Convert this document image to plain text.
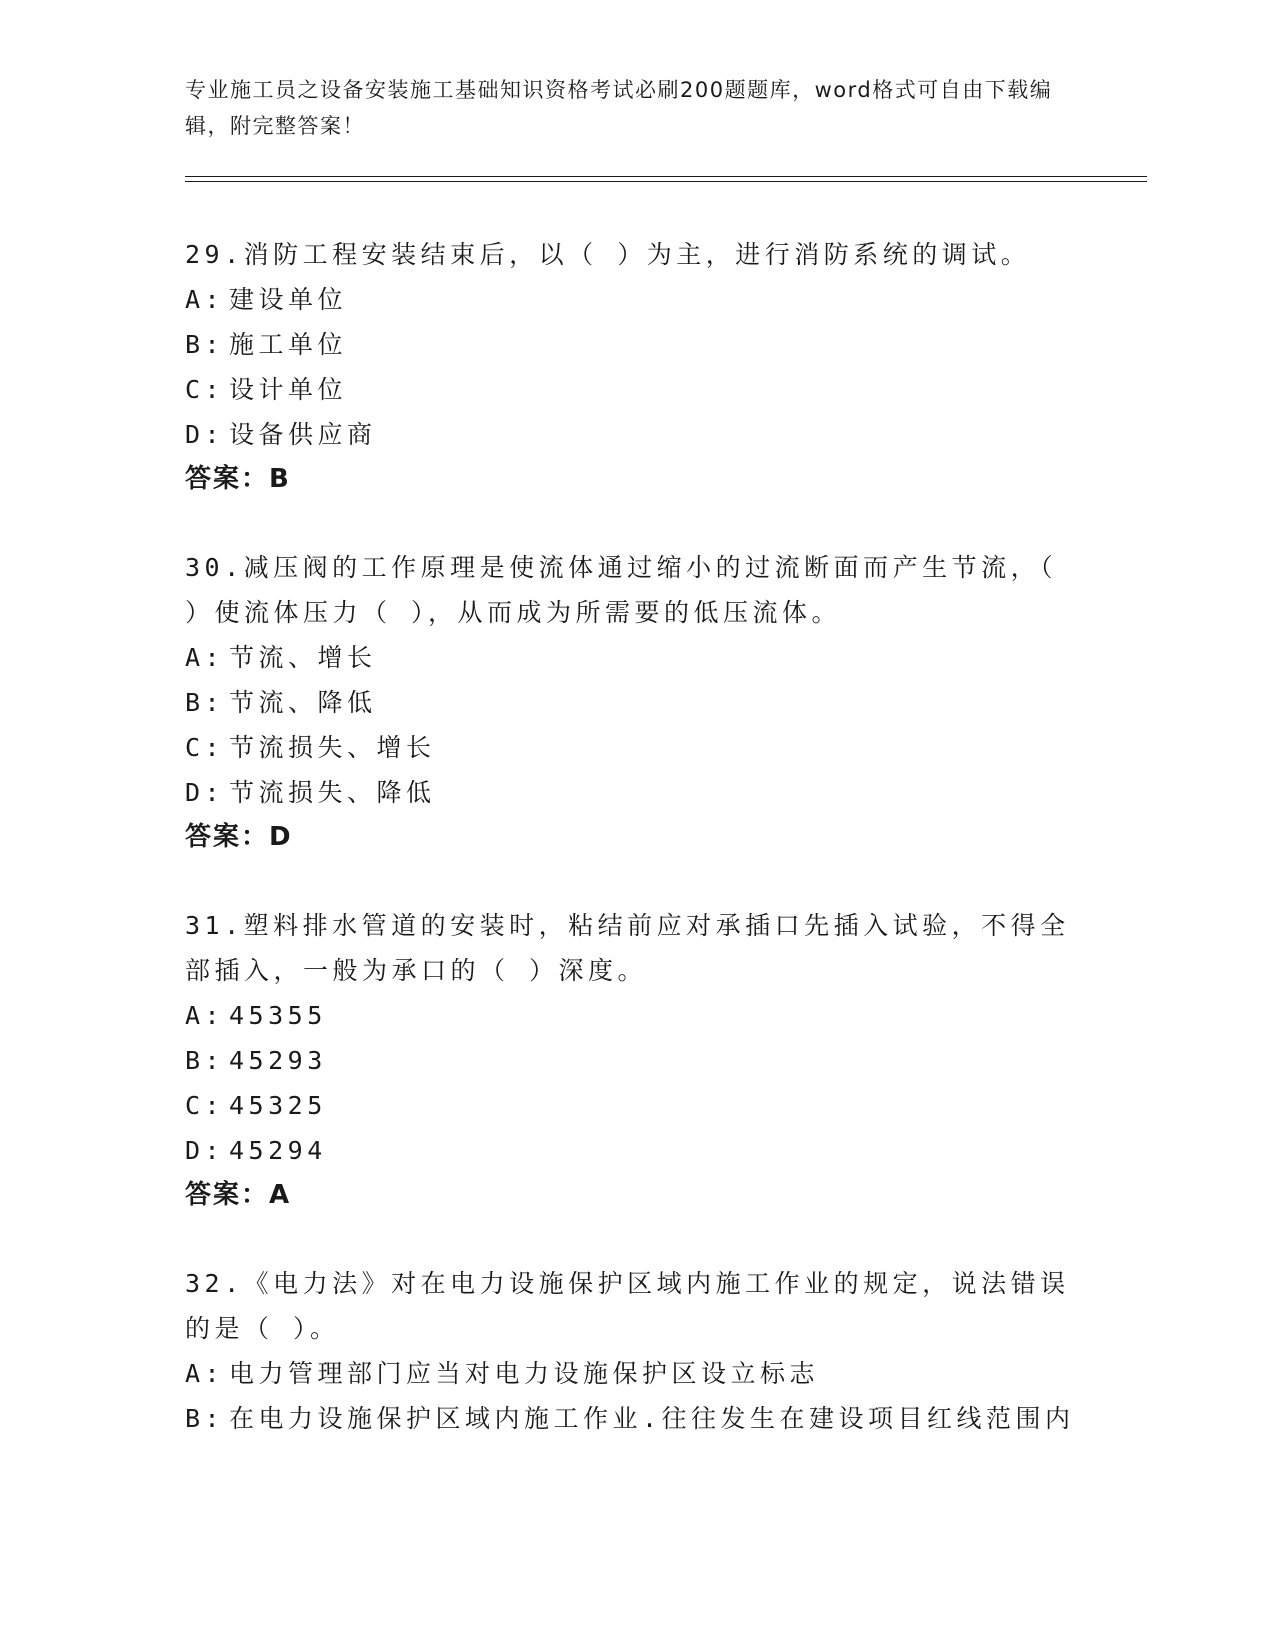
专业施工员之设备安装施工基础知识资格考试必刷200题题库，word格式可自由下载编辑，附完整答案！

29.消防工程安装结束后，以（ ）为主，进行消防系统的调试。

A: 建设单位

B: 施工单位

C: 设计单位

D: 设备供应商

答案：B

30.减压阀的工作原理是使流体通过缩小的过流断面而产生节流，（ ）使流体压力（ ），从而成为所需要的低压流体。

A: 节流、增长

B: 节流、降低

C: 节流损失、增长

D: 节流损失、降低

答案：D

31.塑料排水管道的安装时，粘结前应对承插口先插入试验，不得全部插入，一般为承口的（ ）深度。

A: 45355

B: 45293

C: 45325

D: 45294

答案：A

32.《电力法》对在电力设施保护区域内施工作业的规定，说法错误的是（ ）。

A: 电力管理部门应当对电力设施保护区设立标志

B: 在电力设施保护区域内施工作业.往往发生在建设项目红线范围内
